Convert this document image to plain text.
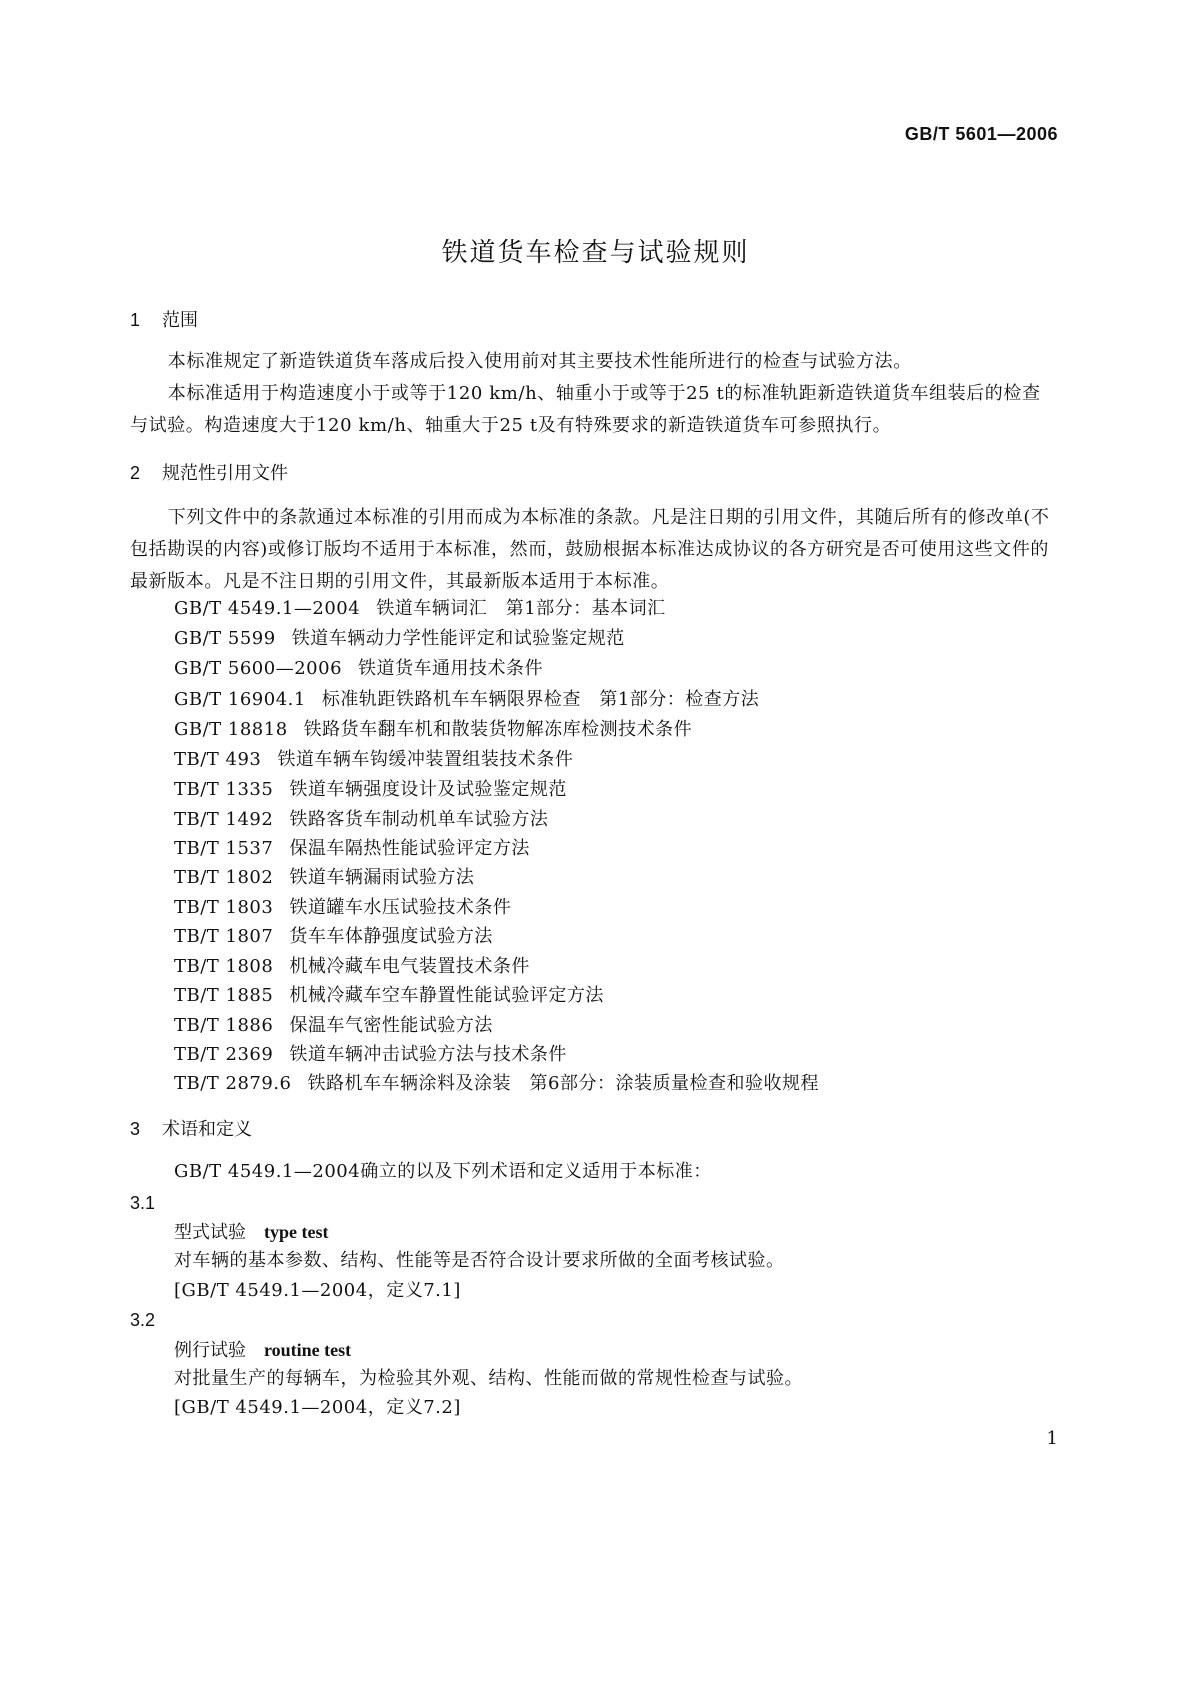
GB/T 5601—2006
铁道货车检查与试验规则
1 范围
本标准规定了新造铁道货车落成后投入使用前对其主要技术性能所进行的检查与试验方法。
本标准适用于构造速度小于或等于120 km/h、轴重小于或等于25 t的标准轨距新造铁道货车组装后的检查与试验。构造速度大于120 km/h、轴重大于25 t及有特殊要求的新造铁道货车可参照执行。
2 规范性引用文件
下列文件中的条款通过本标准的引用而成为本标准的条款。凡是注日期的引用文件，其随后所有的修改单(不包括勘误的内容)或修订版均不适用于本标准，然而，鼓励根据本标准达成协议的各方研究是否可使用这些文件的最新版本。凡是不注日期的引用文件，其最新版本适用于本标准。
GB/T 4549.1—2004 铁道车辆词汇　第1部分：基本词汇
GB/T 5599 铁道车辆动力学性能评定和试验鉴定规范
GB/T 5600—2006 铁道货车通用技术条件
GB/T 16904.1 标准轨距铁路机车车辆限界检查　第1部分：检查方法
GB/T 18818 铁路货车翻车机和散装货物解冻库检测技术条件
TB/T 493 铁道车辆车钩缓冲装置组装技术条件
TB/T 1335 铁道车辆强度设计及试验鉴定规范
TB/T 1492 铁路客货车制动机单车试验方法
TB/T 1537 保温车隔热性能试验评定方法
TB/T 1802 铁道车辆漏雨试验方法
TB/T 1803 铁道罐车水压试验技术条件
TB/T 1807 货车车体静强度试验方法
TB/T 1808 机械冷藏车电气装置技术条件
TB/T 1885 机械冷藏车空车静置性能试验评定方法
TB/T 1886 保温车气密性能试验方法
TB/T 2369 铁道车辆冲击试验方法与技术条件
TB/T 2879.6 铁路机车车辆涂料及涂装　第6部分：涂装质量检查和验收规程
3 术语和定义
GB/T 4549.1—2004确立的以及下列术语和定义适用于本标准：
3.1
型式试验 type test
对车辆的基本参数、结构、性能等是否符合设计要求所做的全面考核试验。
[GB/T 4549.1—2004，定义7.1]
3.2
例行试验 routine test
对批量生产的每辆车，为检验其外观、结构、性能而做的常规性检查与试验。
[GB/T 4549.1—2004，定义7.2]
1
